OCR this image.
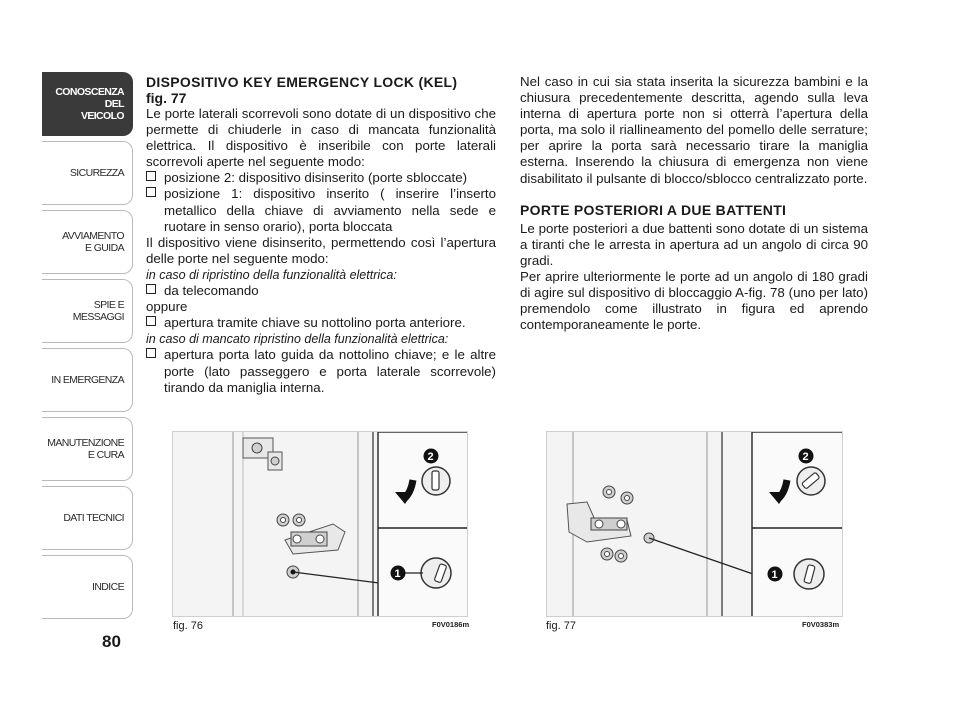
CONOSCENZA
DEL
VEICOLO
SICUREZZA
AVVIAMENTO
E GUIDA
SPIE E
MESSAGGI
IN EMERGENZA
MANUTENZIONE
E CURA
DATI TECNICI
INDICE
80
DISPOSITIVO KEY EMERGENCY LOCK (KEL)
fig. 77

Le porte laterali scorrevoli sono dotate di un dispositivo che permette di chiuderle in caso di mancata funzionalità elettrica. Il dispositivo è inseribile con porte laterali scorrevoli aperte nel seguente modo:

posizione 2: dispositivo disinserito (porte sbloccate)

posizione 1: dispositivo inserito ( inserire l’inserto metallico della chiave di avviamento nella sede e ruotare in senso orario), porta bloccata

Il dispositivo viene disinserito, permettendo così l’apertura delle porte nel seguente modo:

in caso di ripristino della funzionalità elettrica:

da telecomando

oppure

apertura tramite chiave su nottolino porta anteriore.

in caso di mancato ripristino della funzionalità elettrica:

apertura porta lato guida da nottolino chiave; e le altre porte (lato passeggero e porta laterale scorrevole) tirando da maniglia interna.

Nel caso in cui sia stata inserita la sicurezza bambini e la chiusura precedentemente descritta, agendo sulla leva interna di apertura porte non si otterrà l’apertura della porta, ma solo il riallineamento del pomello delle serrature; per aprire la porta sarà necessario tirare la maniglia esterna. Inserendo la chiusura di emergenza non viene disabilitato il pulsante di blocco/sblocco centralizzato porte.

PORTE POSTERIORI A DUE BATTENTI

Le porte posteriori a due battenti sono dotate di un sistema a tiranti che le arresta in apertura ad un angolo di circa 90 gradi.

Per aprire ulteriormente le porte ad un angolo di 180 gradi di agire sul dispositivo di bloccaggio A-fig. 78 (uno per lato) premendolo come illustrato in figura ed aprendo contemporaneamente le porte.

2
1
fig. 76	F0V0186m
2
1
fig. 77	F0V0383m
